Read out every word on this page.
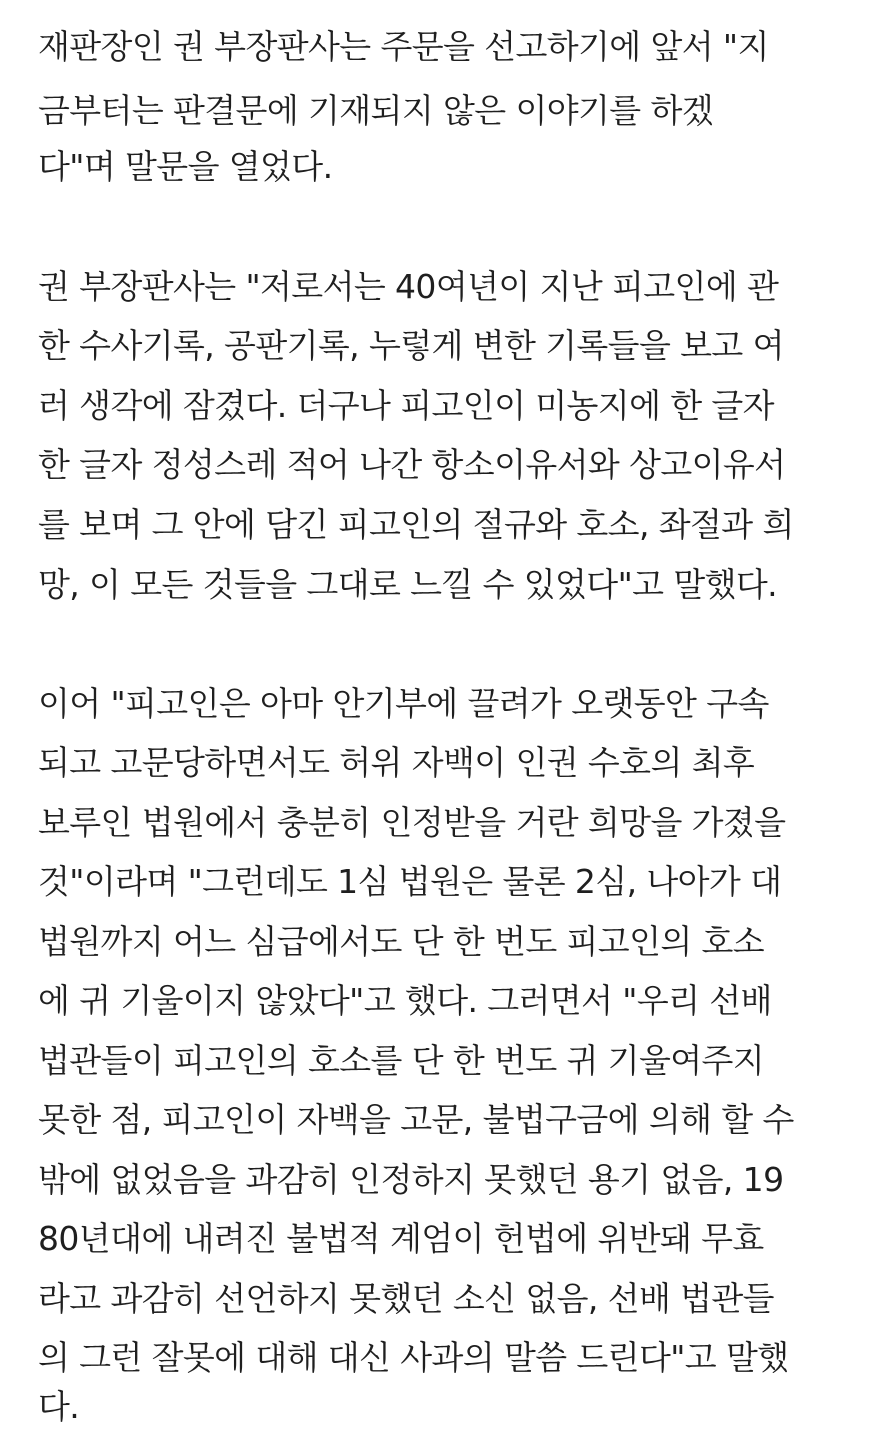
재판장인 권 부장판사는 주문을 선고하기에 앞서 "지
금부터는 판결문에 기재되지 않은 이야기를 하겠
다"며 말문을 열었다.
권 부장판사는 "저로서는 40여년이 지난 피고인에 관
한 수사기록, 공판기록, 누렇게 변한 기록들을 보고 여
러 생각에 잠겼다. 더구나 피고인이 미농지에 한 글자
한 글자 정성스레 적어 나간 항소이유서와 상고이유서
를 보며 그 안에 담긴 피고인의 절규와 호소, 좌절과 희
망, 이 모든 것들을 그대로 느낄 수 있었다"고 말했다.
이어 "피고인은 아마 안기부에 끌려가 오랫동안 구속
되고 고문당하면서도 허위 자백이 인권 수호의 최후
보루인 법원에서 충분히 인정받을 거란 희망을 가졌을
것"이라며 "그런데도 1심 법원은 물론 2심, 나아가 대
법원까지 어느 심급에서도 단 한 번도 피고인의 호소
에 귀 기울이지 않았다"고 했다. 그러면서 "우리 선배
법관들이 피고인의 호소를 단 한 번도 귀 기울여주지
못한 점, 피고인이 자백을 고문, 불법구금에 의해 할 수
밖에 없었음을 과감히 인정하지 못했던 용기 없음, 19
80년대에 내려진 불법적 계엄이 헌법에 위반돼 무효
라고 과감히 선언하지 못했던 소신 없음, 선배 법관들
의 그런 잘못에 대해 대신 사과의 말씀 드린다"고 말했
다.
